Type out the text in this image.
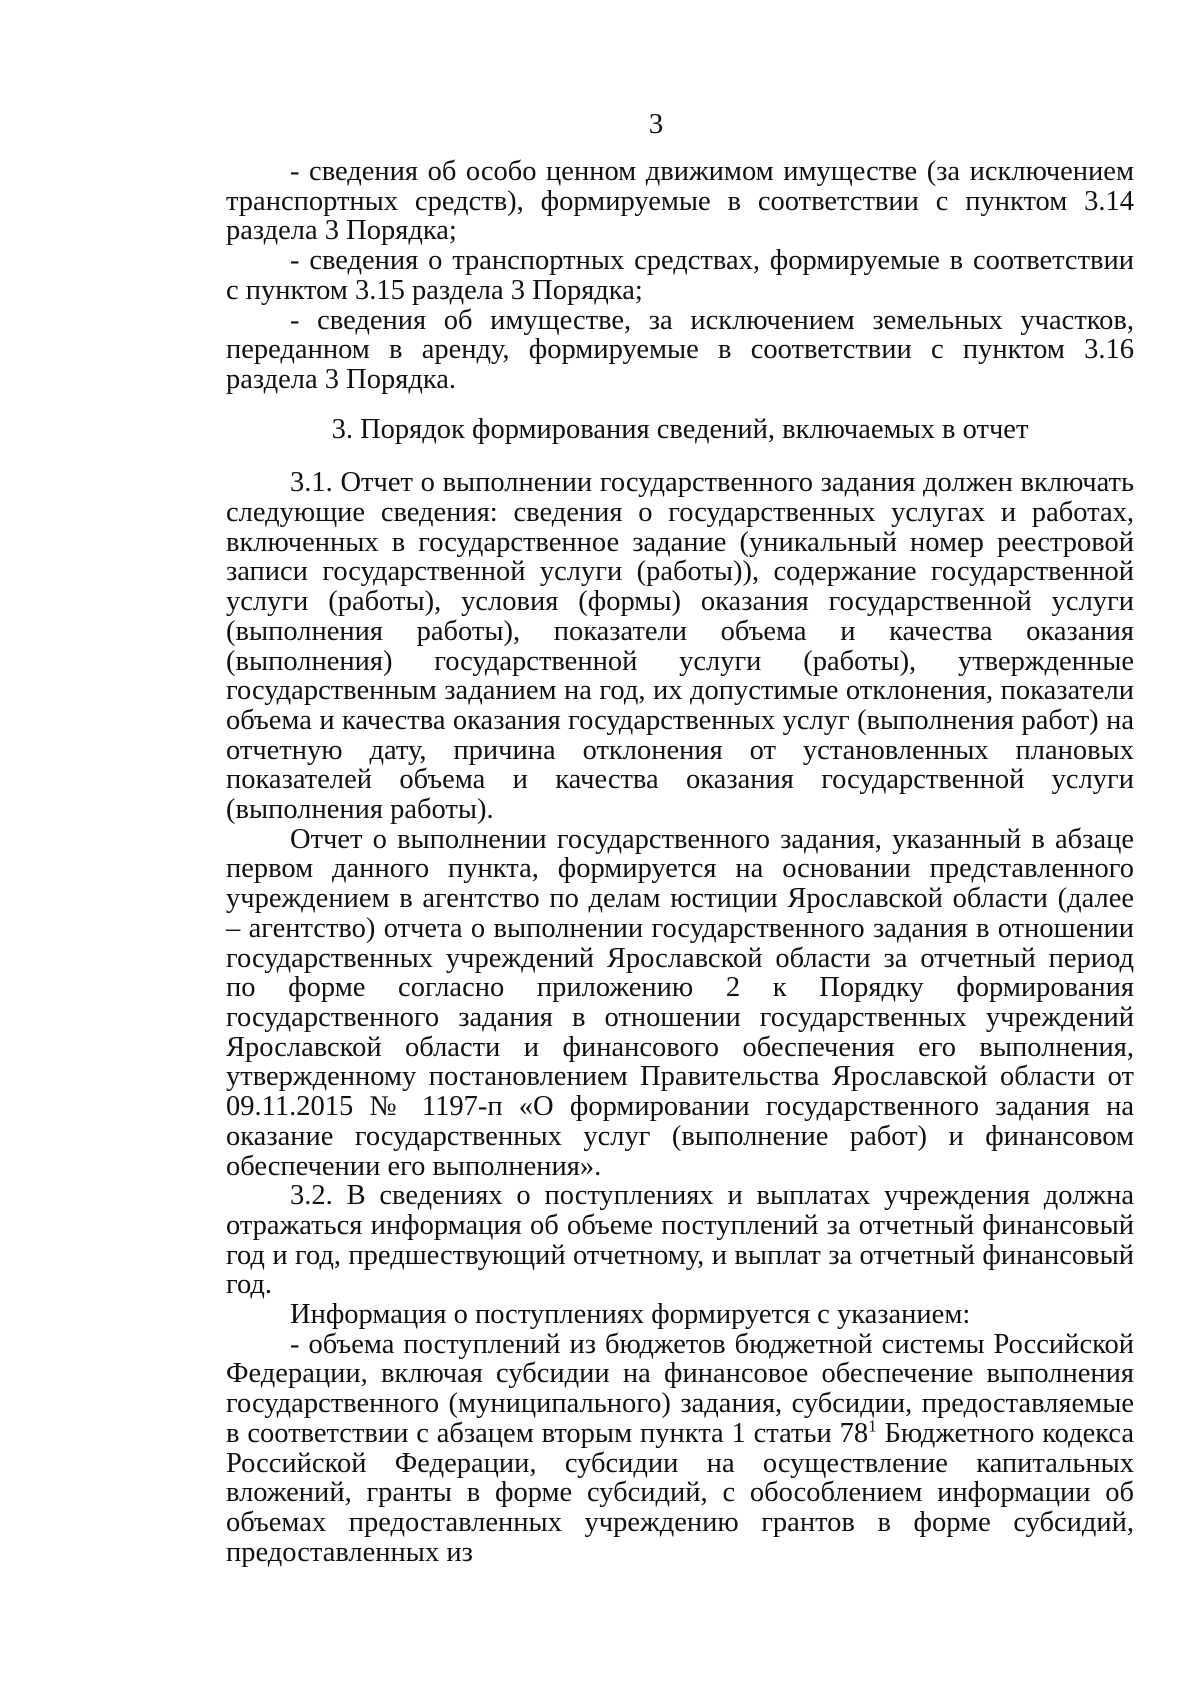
3

- сведения об особо ценном движимом имуществе (за исключением транспортных средств), формируемые в соответствии с пунктом 3.14 раздела 3 Порядка;

- сведения о транспортных средствах, формируемые в соответствии с пунктом 3.15 раздела 3 Порядка;

- сведения об имуществе, за исключением земельных участков, переданном в аренду, формируемые в соответствии с пунктом 3.16 раздела 3 Порядка.

3. Порядок формирования сведений, включаемых в отчет

3.1. Отчет о выполнении государственного задания должен включать следующие сведения: сведения о государственных услугах и работах, включенных в государственное задание (уникальный номер реестровой записи государственной услуги (работы)), содержание государственной услуги (работы), условия (формы) оказания государственной услуги (выполнения работы), показатели объема и качества оказания (выполнения) государственной услуги (работы), утвержденные государственным заданием на год, их допустимые отклонения, показатели объема и качества оказания государственных услуг (выполнения работ) на отчетную дату, причина отклонения от установленных плановых показателей объема и качества оказания государственной услуги (выполнения работы).

Отчет о выполнении государственного задания, указанный в абзаце первом данного пункта, формируется на основании представленного учреждением в агентство по делам юстиции Ярославской области (далее – агентство) отчета о выполнении государственного задания в отношении государственных учреждений Ярославской области за отчетный период по форме согласно приложению 2 к Порядку формирования государственного задания в отношении государственных учреждений Ярославской области и финансового обеспечения его выполнения, утвержденному постановлением Правительства Ярославской области от 09.11.2015 № 1197-п «О формировании государственного задания на оказание государственных услуг (выполнение работ) и финансовом обеспечении его выполнения».

3.2. В сведениях о поступлениях и выплатах учреждения должна отражаться информация об объеме поступлений за отчетный финансовый год и год, предшествующий отчетному, и выплат за отчетный финансовый год.

Информация о поступлениях формируется с указанием:

- объема поступлений из бюджетов бюджетной системы Российской Федерации, включая субсидии на финансовое обеспечение выполнения государственного (муниципального) задания, субсидии, предоставляемые в соответствии с абзацем вторым пункта 1 статьи $78^1$ Бюджетного кодекса Российской Федерации, субсидии на осуществление капитальных вложений, гранты в форме субсидий, с обособлением информации об объемах предоставленных учреждению грантов в форме субсидий, предоставленных из
